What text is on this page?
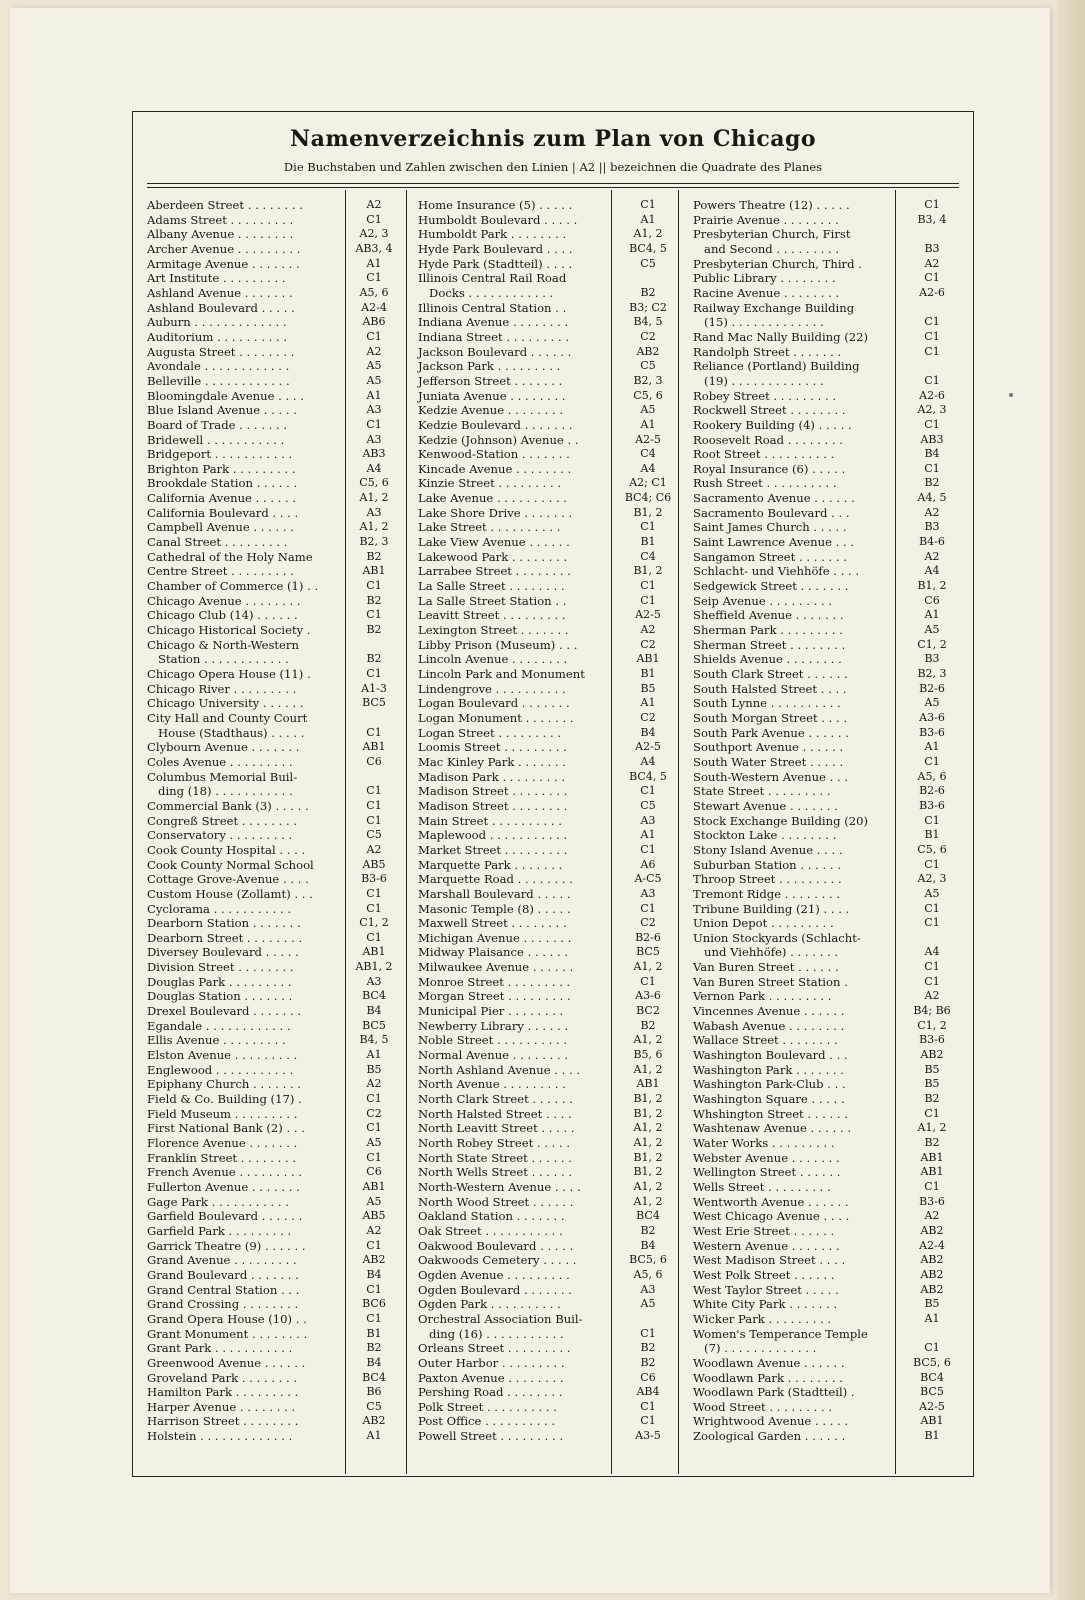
Namenverzeichnis zum Plan von Chicago
Die Buchstaben und Zahlen zwischen den Linien | A2 || bezeichnen die Quadrate des Planes
Aberdeen Street . . . . . . . .	A2
Adams Street . . . . . . . . .	C1
Albany Avenue . . . . . . . .	A2, 3
Archer Avenue . . . . . . . . .	AB3, 4
Armitage Avenue . . . . . . .	A1
Art Institute . . . . . . . . .	C1
Ashland Avenue . . . . . . .	A5, 6
Ashland Boulevard . . . . .	A2-4
Auburn . . . . . . . . . . . . .	AB6
Auditorium . . . . . . . . . .	C1
Augusta Street . . . . . . . .	A2
Avondale . . . . . . . . . . . .	A5
Belleville . . . . . . . . . . . .	A5
Bloomingdale Avenue . . . .	A1
Blue Island Avenue . . . . .	A3
Board of Trade . . . . . . .	C1
Bridewell . . . . . . . . . . .	A3
Bridgeport . . . . . . . . . . .	AB3
Brighton Park . . . . . . . . .	A4
Brookdale Station . . . . . .	C5, 6
California Avenue . . . . . .	A1, 2
California Boulevard . . . .	A3
Campbell Avenue . . . . . .	A1, 2
Canal Street . . . . . . . . .	B2, 3
Cathedral of the Holy Name	B2
Centre Street . . . . . . . . .	AB1
Chamber of Commerce (1) . .	C1
Chicago Avenue . . . . . . . .	B2
Chicago Club (14) . . . . . .	C1
Chicago Historical Society .	B2
Chicago & North-Western
Station . . . . . . . . . . . .	B2
Chicago Opera House (11) .	C1
Chicago River . . . . . . . . .	A1-3
Chicago University . . . . . .	BC5
City Hall and County Court
House (Stadthaus) . . . . .	C1
Clybourn Avenue . . . . . . .	AB1
Coles Avenue . . . . . . . . .	C6
Columbus Memorial Buil-
ding (18) . . . . . . . . . . .	C1
Commercial Bank (3) . . . . .	C1
Congreß Street . . . . . . . .	C1
Conservatory . . . . . . . . .	C5
Cook County Hospital . . . .	A2
Cook County Normal School	AB5
Cottage Grove-Avenue . . . .	B3-6
Custom House (Zollamt) . . .	C1
Cyclorama . . . . . . . . . . .	C1
Dearborn Station . . . . . . .	C1, 2
Dearborn Street . . . . . . . .	C1
Diversey Boulevard . . . . .	AB1
Division Street . . . . . . . .	AB1, 2
Douglas Park . . . . . . . . .	A3
Douglas Station . . . . . . .	BC4
Drexel Boulevard . . . . . . .	B4
Egandale . . . . . . . . . . . .	BC5
Ellis Avenue . . . . . . . . .	B4, 5
Elston Avenue . . . . . . . . .	A1
Englewood . . . . . . . . . . .	B5
Epiphany Church . . . . . . .	A2
Field & Co. Building (17) .	C1
Field Museum . . . . . . . . .	C2
First National Bank (2) . . .	C1
Florence Avenue . . . . . . .	A5
Franklin Street . . . . . . . .	C1
French Avenue . . . . . . . . .	C6
Fullerton Avenue . . . . . . .	AB1
Gage Park . . . . . . . . . . .	A5
Garfield Boulevard . . . . . .	AB5
Garfield Park . . . . . . . . .	A2
Garrick Theatre (9) . . . . . .	C1
Grand Avenue . . . . . . . . .	AB2
Grand Boulevard . . . . . . .	B4
Grand Central Station . . .	C1
Grand Crossing . . . . . . . .	BC6
Grand Opera House (10) . .	C1
Grant Monument . . . . . . . .	B1
Grant Park . . . . . . . . . . .	B2
Greenwood Avenue . . . . . .	B4
Groveland Park . . . . . . . .	BC4
Hamilton Park . . . . . . . . .	B6
Harper Avenue . . . . . . . .	C5
Harrison Street . . . . . . . .	AB2
Holstein . . . . . . . . . . . . .	A1
Home Insurance (5) . . . . .	C1
Humboldt Boulevard . . . . .	A1
Humboldt Park . . . . . . . .	A1, 2
Hyde Park Boulevard . . . .	BC4, 5
Hyde Park (Stadtteil) . . . .	C5
Illinois Central Rail Road
Docks . . . . . . . . . . . .	B2
Illinois Central Station . .	B3; C2
Indiana Avenue . . . . . . . .	B4, 5
Indiana Street . . . . . . . . .	C2
Jackson Boulevard . . . . . .	AB2
Jackson Park . . . . . . . . .	C5
Jefferson Street . . . . . . .	B2, 3
Juniata Avenue . . . . . . . .	C5, 6
Kedzie Avenue . . . . . . . .	A5
Kedzie Boulevard . . . . . . .	A1
Kedzie (Johnson) Avenue . .	A2-5
Kenwood-Station . . . . . . .	C4
Kincade Avenue . . . . . . . .	A4
Kinzie Street . . . . . . . . .	A2; C1
Lake Avenue . . . . . . . . . .	BC4; C6
Lake Shore Drive . . . . . . .	B1, 2
Lake Street . . . . . . . . . .	C1
Lake View Avenue . . . . . .	B1
Lakewood Park . . . . . . . .	C4
Larrabee Street . . . . . . . .	B1, 2
La Salle Street . . . . . . . .	C1
La Salle Street Station . .	C1
Leavitt Street . . . . . . . . .	A2-5
Lexington Street . . . . . . .	A2
Libby Prison (Museum) . . .	C2
Lincoln Avenue . . . . . . . .	AB1
Lincoln Park and Monument	B1
Lindengrove . . . . . . . . . .	B5
Logan Boulevard . . . . . . .	A1
Logan Monument . . . . . . .	C2
Logan Street . . . . . . . . .	B4
Loomis Street . . . . . . . . .	A2-5
Mac Kinley Park . . . . . . .	A4
Madison Park . . . . . . . . .	BC4, 5
Madison Street . . . . . . . .	C1
Madison Street . . . . . . . .	C5
Main Street . . . . . . . . . .	A3
Maplewood . . . . . . . . . . .	A1
Market Street . . . . . . . . .	C1
Marquette Park . . . . . . .	A6
Marquette Road . . . . . . . .	A-C5
Marshall Boulevard . . . . .	A3
Masonic Temple (8) . . . . .	C1
Maxwell Street . . . . . . . .	C2
Michigan Avenue . . . . . . .	B2-6
Midway Plaisance . . . . . .	BC5
Milwaukee Avenue . . . . . .	A1, 2
Monroe Street . . . . . . . . .	C1
Morgan Street . . . . . . . . .	A3-6
Municipal Pier . . . . . . . .	BC2
Newberry Library . . . . . .	B2
Noble Street . . . . . . . . . .	A1, 2
Normal Avenue . . . . . . . .	B5, 6
North Ashland Avenue . . . .	A1, 2
North Avenue . . . . . . . . .	AB1
North Clark Street . . . . . .	B1, 2
North Halsted Street . . . .	B1, 2
North Leavitt Street . . . . .	A1, 2
North Robey Street . . . . .	A1, 2
North State Street . . . . . .	B1, 2
North Wells Street . . . . . .	B1, 2
North-Western Avenue . . . .	A1, 2
North Wood Street . . . . . .	A1, 2
Oakland Station . . . . . . .	BC4
Oak Street . . . . . . . . . . .	B2
Oakwood Boulevard . . . . .	B4
Oakwoods Cemetery . . . . .	BC5, 6
Ogden Avenue . . . . . . . . .	A5, 6
Ogden Boulevard . . . . . . .	A3
Ogden Park . . . . . . . . . .	A5
Orchestral Association Buil-
ding (16) . . . . . . . . . . .	C1
Orleans Street . . . . . . . . .	B2
Outer Harbor . . . . . . . . .	B2
Paxton Avenue . . . . . . . .	C6
Pershing Road . . . . . . . .	AB4
Polk Street . . . . . . . . . .	C1
Post Office . . . . . . . . . .	C1
Powell Street . . . . . . . . .	A3-5
Powers Theatre (12) . . . . .	C1
Prairie Avenue . . . . . . . .	B3, 4
Presbyterian Church, First
and Second . . . . . . . . .	B3
Presbyterian Church, Third .	A2
Public Library . . . . . . . .	C1
Racine Avenue . . . . . . . .	A2-6
Railway Exchange Building
(15) . . . . . . . . . . . . .	C1
Rand Mac Nally Building (22)	C1
Randolph Street . . . . . . .	C1
Reliance (Portland) Building
(19) . . . . . . . . . . . . .	C1
Robey Street . . . . . . . . .	A2-6
Rockwell Street . . . . . . . .	A2, 3
Rookery Building (4) . . . . .	C1
Roosevelt Road . . . . . . . .	AB3
Root Street . . . . . . . . . .	B4
Royal Insurance (6) . . . . .	C1
Rush Street . . . . . . . . . .	B2
Sacramento Avenue . . . . . .	A4, 5
Sacramento Boulevard . . .	A2
Saint James Church . . . . .	B3
Saint Lawrence Avenue . . .	B4-6
Sangamon Street . . . . . . .	A2
Schlacht- und Viehhöfe . . . .	A4
Sedgewick Street . . . . . . .	B1, 2
Seip Avenue . . . . . . . . .	C6
Sheffield Avenue . . . . . . .	A1
Sherman Park . . . . . . . . .	A5
Sherman Street . . . . . . . .	C1, 2
Shields Avenue . . . . . . . .	B3
South Clark Street . . . . . .	B2, 3
South Halsted Street . . . .	B2-6
South Lynne . . . . . . . . . .	A5
South Morgan Street . . . .	A3-6
South Park Avenue . . . . . .	B3-6
Southport Avenue . . . . . .	A1
South Water Street . . . . .	C1
South-Western Avenue . . .	A5, 6
State Street . . . . . . . . .	B2-6
Stewart Avenue . . . . . . .	B3-6
Stock Exchange Building (20)	C1
Stockton Lake . . . . . . . .	B1
Stony Island Avenue . . . .	C5, 6
Suburban Station . . . . . .	C1
Throop Street . . . . . . . . .	A2, 3
Tremont Ridge . . . . . . . .	A5
Tribune Building (21) . . . .	C1
Union Depot . . . . . . . . .	C1
Union Stockyards (Schlacht-
und Viehhöfe) . . . . . . .	A4
Van Buren Street . . . . . .	C1
Van Buren Street Station .	C1
Vernon Park . . . . . . . . .	A2
Vincennes Avenue . . . . . .	B4; B6
Wabash Avenue . . . . . . . .	C1, 2
Wallace Street . . . . . . . .	B3-6
Washington Boulevard . . .	AB2
Washington Park . . . . . . .	B5
Washington Park-Club . . .	B5
Washington Square . . . . .	B2
Whshington Street . . . . . .	C1
Washtenaw Avenue . . . . . .	A1, 2
Water Works . . . . . . . . .	B2
Webster Avenue . . . . . . .	AB1
Wellington Street . . . . . .	AB1
Wells Street . . . . . . . . .	C1
Wentworth Avenue . . . . . .	B3-6
West Chicago Avenue . . . .	A2
West Erie Street . . . . . .	AB2
Western Avenue . . . . . . .	A2-4
West Madison Street . . . .	AB2
West Polk Street . . . . . .	AB2
West Taylor Street . . . . .	AB2
White City Park . . . . . . .	B5
Wicker Park . . . . . . . . .	A1
Women's Temperance Temple
(7) . . . . . . . . . . . . .	C1
Woodlawn Avenue . . . . . .	BC5, 6
Woodlawn Park . . . . . . . .	BC4
Woodlawn Park (Stadtteil) .	BC5
Wood Street . . . . . . . . .	A2-5
Wrightwood Avenue . . . . .	AB1
Zoological Garden . . . . . .	B1
